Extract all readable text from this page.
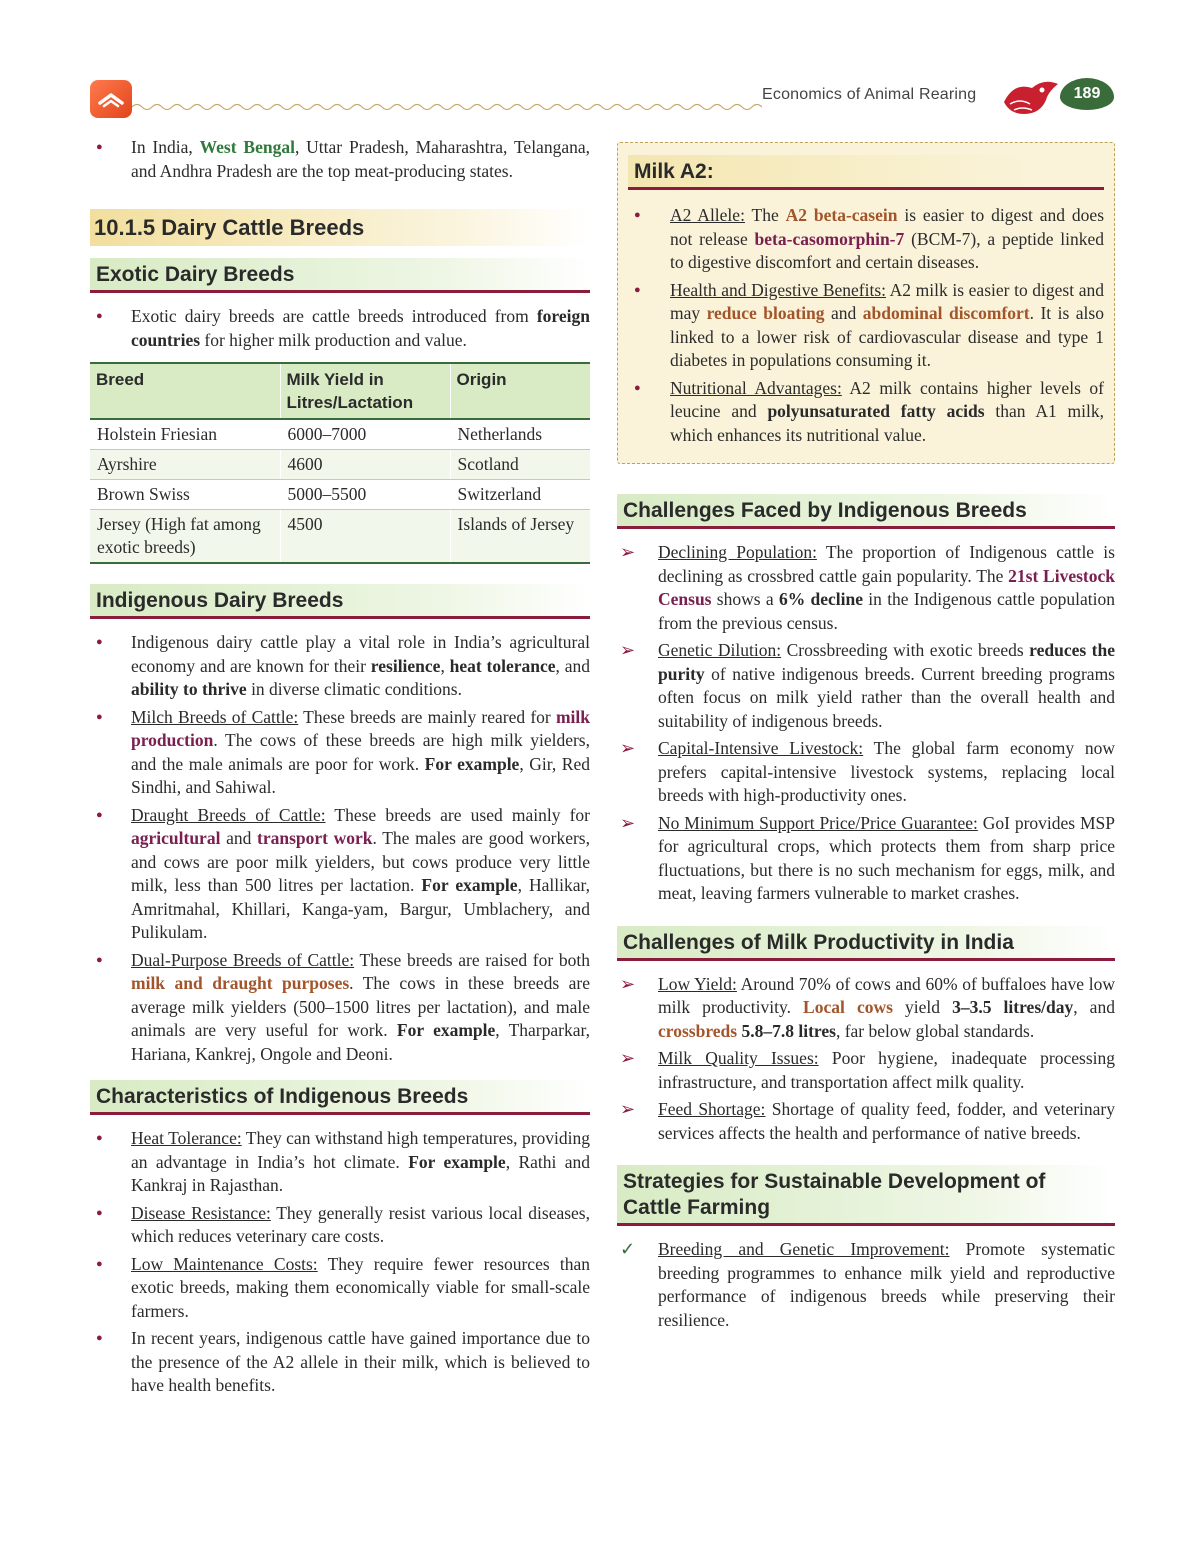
Economics of Animal Rearing	189
● In India, West Bengal, Uttar Pradesh, Maharashtra, Telangana, and Andhra Pradesh are the top meat-producing states.
10.1.5 Dairy Cattle Breeds
Exotic Dairy Breeds
● Exotic dairy breeds are cattle breeds introduced from foreign countries for higher milk production and value.
Breed	Milk Yield in Litres/Lactation	Origin
Holstein Friesian	6000–7000	Netherlands
Ayrshire	4600	Scotland
Brown Swiss	5000–5500	Switzerland
Jersey (High fat among exotic breeds)	4500	Islands of Jersey
Indigenous Dairy Breeds
● Indigenous dairy cattle play a vital role in India’s agricultural economy and are known for their resilience, heat tolerance, and ability to thrive in diverse climatic conditions.
● Milch Breeds of Cattle: These breeds are mainly reared for milk production. The cows of these breeds are high milk yielders, and the male animals are poor for work. For example, Gir, Red Sindhi, and Sahiwal.
● Draught Breeds of Cattle: These breeds are used mainly for agricultural and transport work. The males are good workers, and cows are poor milk yielders, but cows produce very little milk, less than 500 litres per lactation. For example, Hallikar, Amritmahal, Khillari, Kanga-yam, Bargur, Umblachery, and Pulikulam.
● Dual-Purpose Breeds of Cattle: These breeds are raised for both milk and draught purposes. The cows in these breeds are average milk yielders (500–1500 litres per lactation), and male animals are very useful for work. For example, Tharparkar, Hariana, Kankrej, Ongole and Deoni.
Characteristics of Indigenous Breeds
● Heat Tolerance: They can withstand high temperatures, providing an advantage in India’s hot climate. For example, Rathi and Kankraj in Rajasthan.
● Disease Resistance: They generally resist various local diseases, which reduces veterinary care costs.
● Low Maintenance Costs: They require fewer resources than exotic breeds, making them economically viable for small-scale farmers.
● In recent years, indigenous cattle have gained importance due to the presence of the A2 allele in their milk, which is believed to have health benefits.
Milk A2:
● A2 Allele: The A2 beta-casein is easier to digest and does not release beta-casomorphin-7 (BCM-7), a peptide linked to digestive discomfort and certain diseases.
● Health and Digestive Benefits: A2 milk is easier to digest and may reduce bloating and abdominal discomfort. It is also linked to a lower risk of cardiovascular disease and type 1 diabetes in populations consuming it.
● Nutritional Advantages: A2 milk contains higher levels of leucine and polyunsaturated fatty acids than A1 milk, which enhances its nutritional value.
Challenges Faced by Indigenous Breeds
➢ Declining Population: The proportion of Indigenous cattle is declining as crossbred cattle gain popularity. The 21st Livestock Census shows a 6% decline in the Indigenous cattle population from the previous census.
➢ Genetic Dilution: Crossbreeding with exotic breeds reduces the purity of native indigenous breeds. Current breeding programs often focus on milk yield rather than the overall health and suitability of indigenous breeds.
➢ Capital-Intensive Livestock: The global farm economy now prefers capital-intensive livestock systems, replacing local breeds with high-productivity ones.
➢ No Minimum Support Price/Price Guarantee: GoI provides MSP for agricultural crops, which protects them from sharp price fluctuations, but there is no such mechanism for eggs, milk, and meat, leaving farmers vulnerable to market crashes.
Challenges of Milk Productivity in India
➢ Low Yield: Around 70% of cows and 60% of buffaloes have low milk productivity. Local cows yield 3–3.5 litres/day, and crossbreds 5.8–7.8 litres, far below global standards.
➢ Milk Quality Issues: Poor hygiene, inadequate processing infrastructure, and transportation affect milk quality.
➢ Feed Shortage: Shortage of quality feed, fodder, and veterinary services affects the health and performance of native breeds.
Strategies for Sustainable Development of Cattle Farming
✓ Breeding and Genetic Improvement: Promote systematic breeding programmes to enhance milk yield and reproductive performance of indigenous breeds while preserving their resilience.
